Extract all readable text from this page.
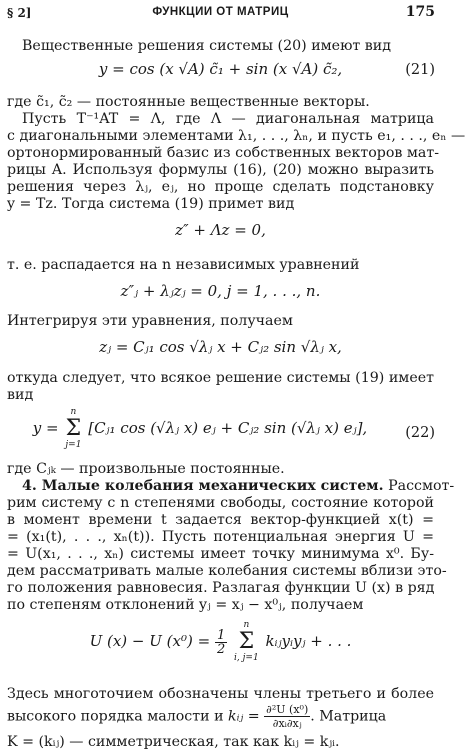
§ 2]	ФУНКЦИИ ОТ МАТРИЦ	175
Вещественные решения системы (20) имеют вид
y = cos (x √A) c̃₁ + sin (x √A) c̃₂,	(21)
где c̃₁, c̃₂ — постоянные вещественные векторы.
Пусть T⁻¹AT = Λ, где Λ — диагональная матрица
с диагональными элементами λ₁, . . ., λₙ, и пусть e₁, . . ., eₙ —
ортонормированный базис из собственных векторов мат-
рицы A. Используя формулы (16), (20) можно выразить
решения через λⱼ, eⱼ, но проще сделать подстановку
y = Tz. Тогда система (19) примет вид
z″ + Λz = 0,
т. е. распадается на n независимых уравнений
z″ⱼ + λⱼzⱼ = 0, j = 1, . . ., n.
Интегрируя эти уравнения, получаем
zⱼ = Cⱼ₁ cos √λⱼ x + Cⱼ₂ sin √λⱼ x,
откуда следует, что всякое решение системы (19) имеет
вид
y =
n
Σ
j=1
[Cⱼ₁ cos (√λⱼ x) eⱼ + Cⱼ₂ sin (√λⱼ x) eⱼ],	(22)
где Cⱼₖ — произвольные постоянные.
4. Малые колебания механических систем. Рассмот-
рим систему с n степенями свободы, состояние которой
в момент времени t задается вектор-функцией x(t) =
= (x₁(t), . . ., xₙ(t)). Пусть потенциальная энергия U =
= U(x₁, . . ., xₙ) системы имеет точку минимума x⁰. Бу-
дем рассматривать малые колебания системы вблизи это-
го положения равновесия. Разлагая функции U (x) в ряд
по степеням отклонений yⱼ = xⱼ − x⁰ⱼ, получаем
U (x) − U $(x^0) = \frac{1}{2}$

n
Σ
i, j=1
kᵢⱼyᵢyⱼ + . . .
Здесь многоточием обозначены члены третьего и более
высокого порядка малости и kᵢⱼ = $\frac{\text{∂²U (x⁰)}}{\text{∂xᵢ∂xⱼ}}$ . Матрица
K = (kᵢⱼ) — симметрическая, так как kᵢⱼ = kⱼᵢ.
